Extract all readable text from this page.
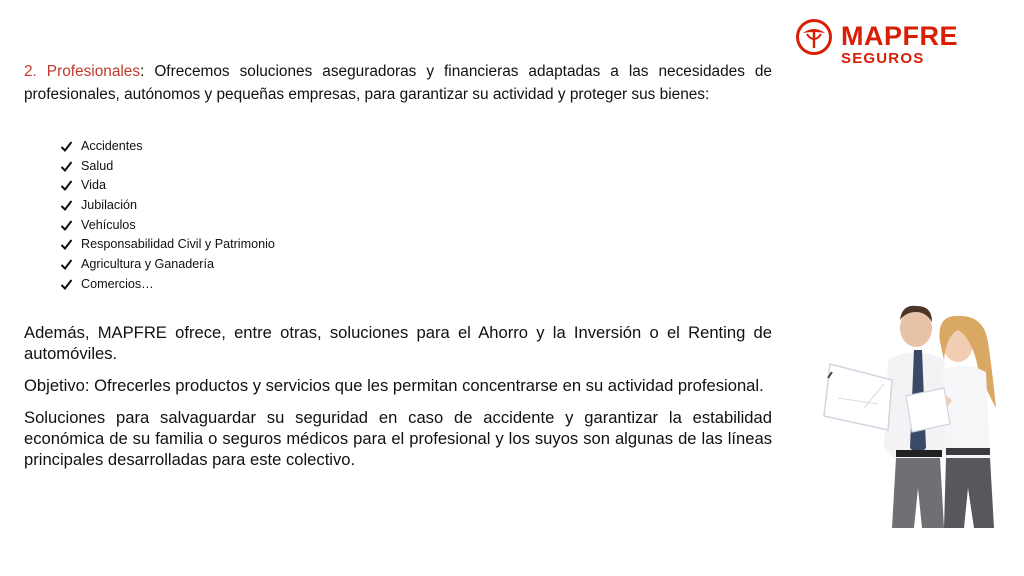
MAPFRE
SEGUROS
2. Profesionales: Ofrecemos soluciones aseguradoras y financieras adaptadas a las necesidades de profesionales, autónomos y pequeñas empresas, para garantizar su actividad y proteger sus bienes:
Accidentes
Salud
Vida
Jubilación
Vehículos
Responsabilidad Civil y Patrimonio
Agricultura y Ganadería
Comercios…

Además, MAPFRE ofrece, entre otras, soluciones para el Ahorro y la Inversión o el Renting de automóviles.

Objetivo: Ofrecerles productos y servicios que les permitan concentrarse en su actividad profesional.

Soluciones para salvaguardar su seguridad en caso de accidente y garantizar la estabilidad económica de su familia o seguros médicos para el profesional y los suyos son algunas de las líneas principales desarrolladas para este colectivo.
